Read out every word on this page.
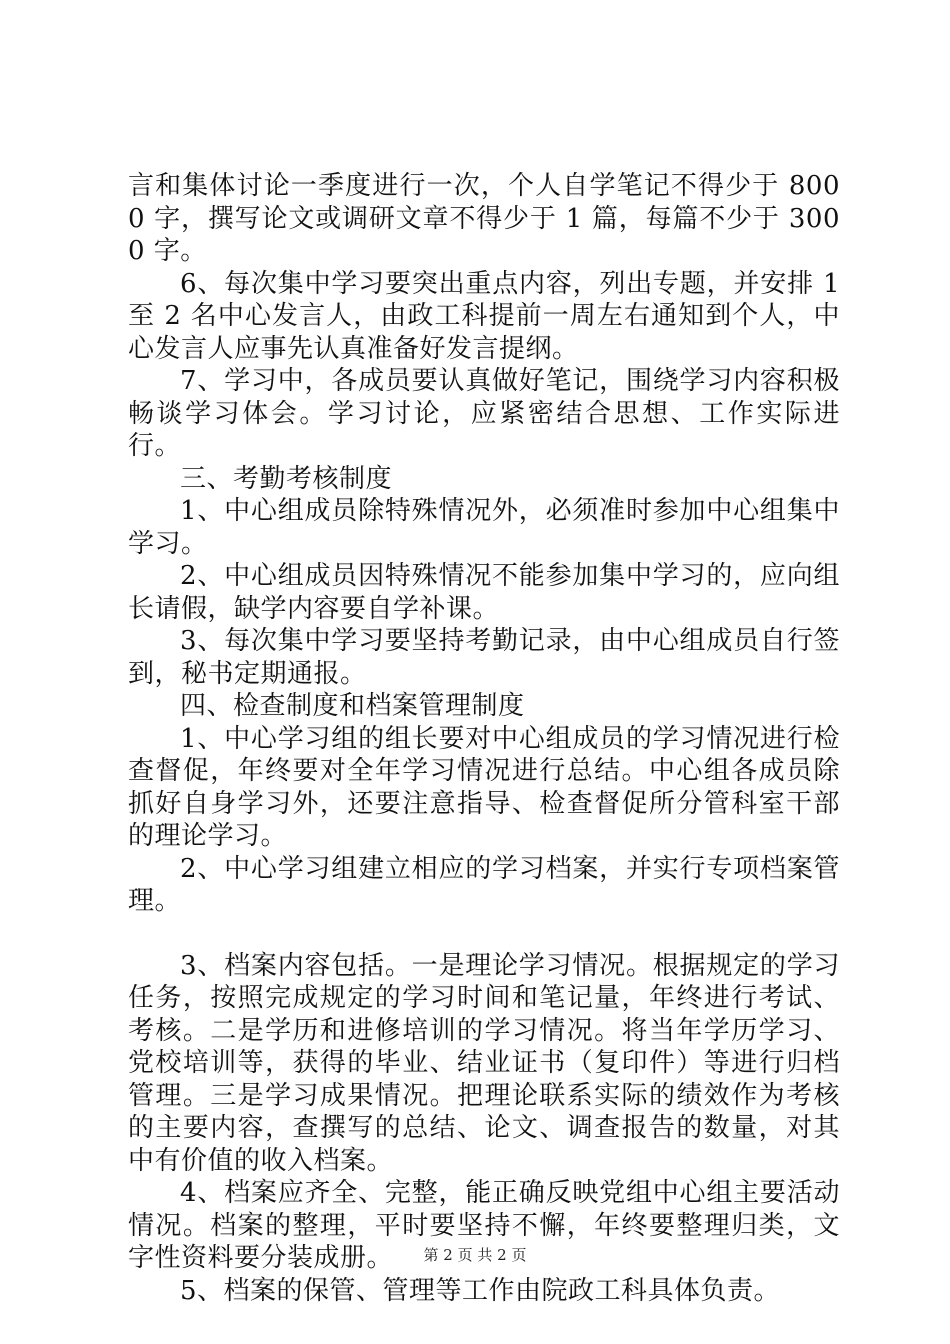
言和集体讨论一季度进行一次，个人自学笔记不得少于 8000 字，撰写论文或调研文章不得少于 1 篇，每篇不少于 3000 字。

6、每次集中学习要突出重点内容，列出专题，并安排 1 至 2 名中心发言人，由政工科提前一周左右通知到个人，中心发言人应事先认真准备好发言提纲。

7、学习中，各成员要认真做好笔记，围绕学习内容积极畅谈学习体会。学习讨论，应紧密结合思想、工作实际进行。

三、考勤考核制度

1、中心组成员除特殊情况外，必须准时参加中心组集中学习。

2、中心组成员因特殊情况不能参加集中学习的，应向组长请假，缺学内容要自学补课。

3、每次集中学习要坚持考勤记录，由中心组成员自行签到，秘书定期通报。

四、检查制度和档案管理制度

1、中心学习组的组长要对中心组成员的学习情况进行检查督促，年终要对全年学习情况进行总结。中心组各成员除抓好自身学习外，还要注意指导、检查督促所分管科室干部的理论学习。

2、中心学习组建立相应的学习档案，并实行专项档案管理。

3、档案内容包括。一是理论学习情况。根据规定的学习任务，按照完成规定的学习时间和笔记量，年终进行考试、考核。二是学历和进修培训的学习情况。将当年学历学习、党校培训等，获得的毕业、结业证书（复印件）等进行归档管理。三是学习成果情况。把理论联系实际的绩效作为考核的主要内容，查撰写的总结、论文、调查报告的数量，对其中有价值的收入档案。

4、档案应齐全、完整，能正确反映党组中心组主要活动情况。档案的整理，平时要坚持不懈，年终要整理归类，文字性资料要分装成册。

5、档案的保管、管理等工作由院政工科具体负责。

第 2 页 共 2 页
